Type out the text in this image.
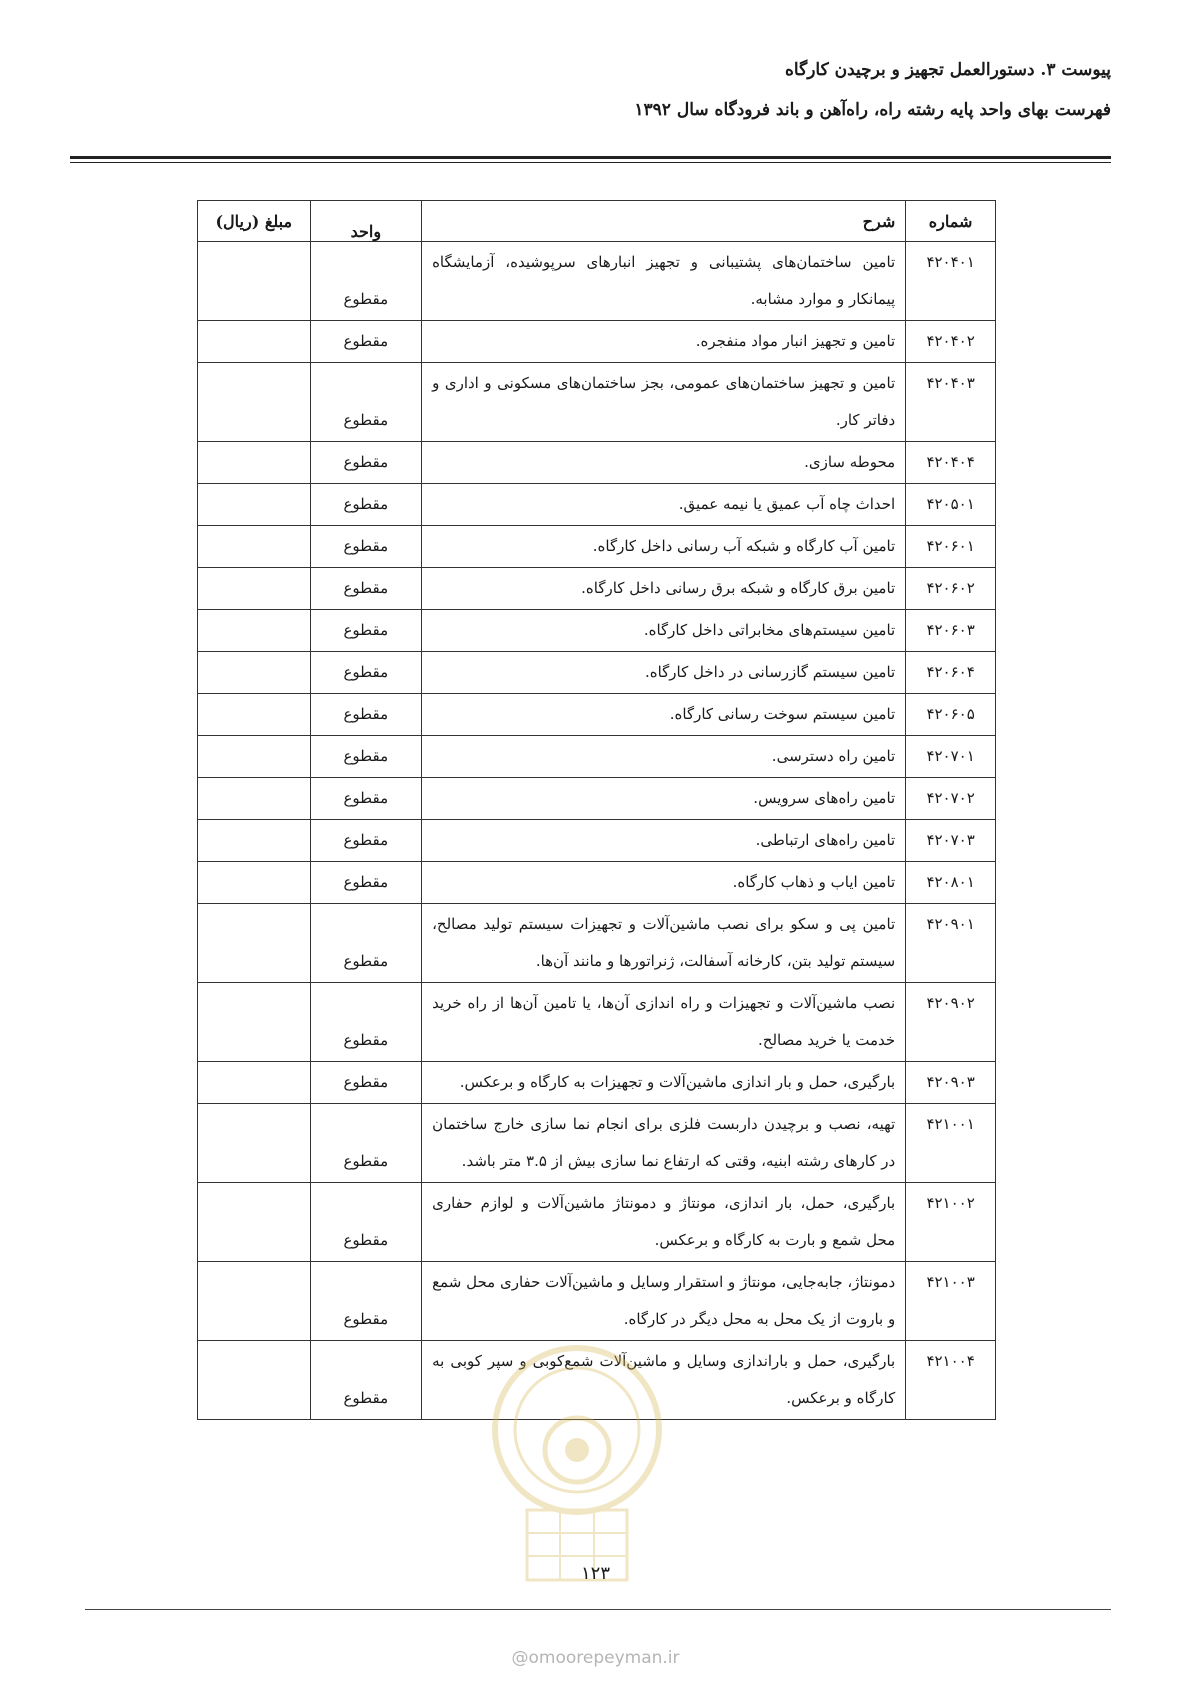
پیوست ۳. دستورالعمل تجهیز و برچیدن کارگاه
فهرست بهای واحد پایه رشته راه، راه‌آهن و باند فرودگاه سال ۱۳۹۲
شماره	شرح	واحد	مبلغ (ریال)
۴۲۰۴۰۱	تامین ساختمان‌های پشتیبانی و تجهیز انبارهای سرپوشیده، آزمایشگاه پیمانکار و موارد مشابه.	مقطوع	
۴۲۰۴۰۲	تامین و تجهیز انبار مواد منفجره.	مقطوع	
۴۲۰۴۰۳	تامین و تجهیز ساختمان‌های عمومی، بجز ساختمان‌های مسکونی و اداری و دفاتر کار.	مقطوع	
۴۲۰۴۰۴	محوطه سازی.	مقطوع	
۴۲۰۵۰۱	احداث چاه آب عمیق یا نیمه عمیق.	مقطوع	
۴۲۰۶۰۱	تامین آب کارگاه و شبکه آب رسانی داخل کارگاه.	مقطوع	
۴۲۰۶۰۲	تامین برق کارگاه و شبکه برق رسانی داخل کارگاه.	مقطوع	
۴۲۰۶۰۳	تامین سیستم‌های مخابراتی داخل کارگاه.	مقطوع	
۴۲۰۶۰۴	تامین سیستم گازرسانی در داخل کارگاه.	مقطوع	
۴۲۰۶۰۵	تامین سیستم سوخت رسانی کارگاه.	مقطوع	
۴۲۰۷۰۱	تامین راه دسترسی.	مقطوع	
۴۲۰۷۰۲	تامین راه‌های سرویس.	مقطوع	
۴۲۰۷۰۳	تامین راه‌های ارتباطی.	مقطوع	
۴۲۰۸۰۱	تامین ایاب و ذهاب کارگاه.	مقطوع	
۴۲۰۹۰۱	تامین پی و سکو برای نصب ماشین‌آلات و تجهیزات سیستم تولید مصالح، سیستم تولید بتن، کارخانه آسفالت، ژنراتورها و مانند آن‌ها.	مقطوع	
۴۲۰۹۰۲	نصب ماشین‌آلات و تجهیزات و راه اندازی آن‌ها، یا تامین آن‌ها از راه خرید خدمت یا خرید مصالح.	مقطوع	
۴۲۰۹۰۳	بارگیری، حمل و بار اندازی ماشین‌آلات و تجهیزات به کارگاه و برعکس.	مقطوع	
۴۲۱۰۰۱	تهیه، نصب و برچیدن داربست فلزی برای انجام نما سازی خارج ساختمان در کارهای رشته ابنیه، وقتی که ارتفاع نما سازی بیش از ۳.۵ متر باشد.	مقطوع	
۴۲۱۰۰۲	بارگیری، حمل، بار اندازی، مونتاژ و دمونتاژ ماشین‌آلات و لوازم حفاری محل شمع و بارت به کارگاه و برعکس.	مقطوع	
۴۲۱۰۰۳	دمونتاژ، جابه‌جایی، مونتاژ و استقرار وسایل و ماشین‌آلات حفاری محل شمع و باروت از یک محل به محل دیگر در کارگاه.	مقطوع	
۴۲۱۰۰۴	بارگیری، حمل و باراندازی وسایل و ماشین‌آلات شمع‌کوبی و سپر کوبی به کارگاه و برعکس.	مقطوع	
۱۲۳
@omoorepeyman.ir
